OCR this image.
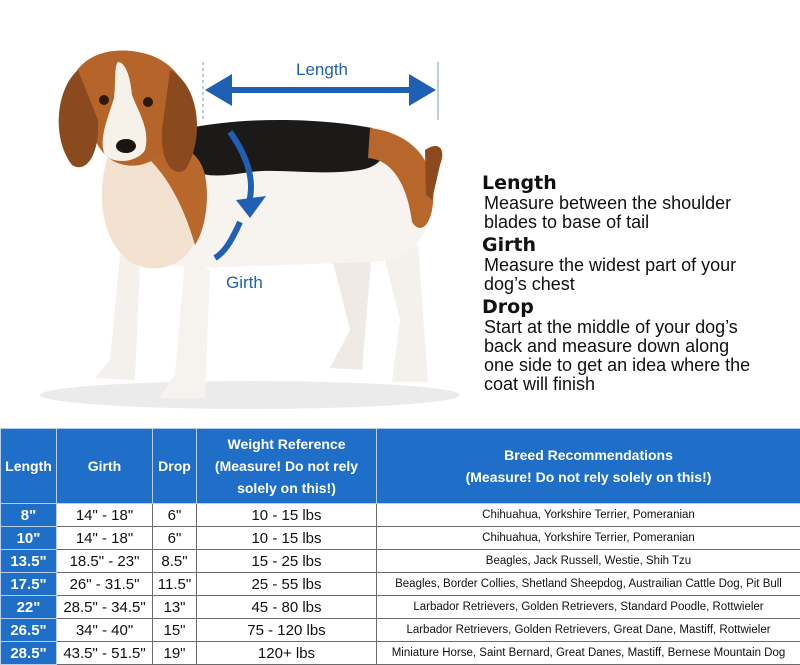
Length
Girth
Length

Measure between the shoulder
blades to base of tail

Girth

Measure the widest part of your
dog’s chest

Drop

Start at the middle of your dog’s
back and measure down along
one side to get an idea where the
coat will finish

Length	Girth	Drop	Weight Reference
(Measure! Do not rely
solely on this!)	Breed Recommendations
(Measure! Do not rely solely on this!)
8"	14" - 18"	6"	10 - 15 lbs	Chihuahua, Yorkshire Terrier, Pomeranian
10"	14" - 18"	6"	10 - 15 lbs	Chihuahua, Yorkshire Terrier, Pomeranian
13.5"	18.5" - 23"	8.5"	15 - 25 lbs	Beagles, Jack Russell, Westie, Shih Tzu
17.5"	26" - 31.5"	11.5"	25 - 55 lbs	Beagles, Border Collies, Shetland Sheepdog, Austrailian Cattle Dog, Pit Bull
22"	28.5" - 34.5"	13"	45 - 80 lbs	Larbador Retrievers, Golden Retrievers, Standard Poodle, Rottwieler
26.5"	34" - 40"	15"	75 - 120 lbs	Larbador Retrievers, Golden Retrievers, Great Dane, Mastiff, Rottwieler
28.5"	43.5" - 51.5"	19"	120+ lbs	Miniature Horse, Saint Bernard, Great Danes, Mastiff, Bernese Mountain Dog
